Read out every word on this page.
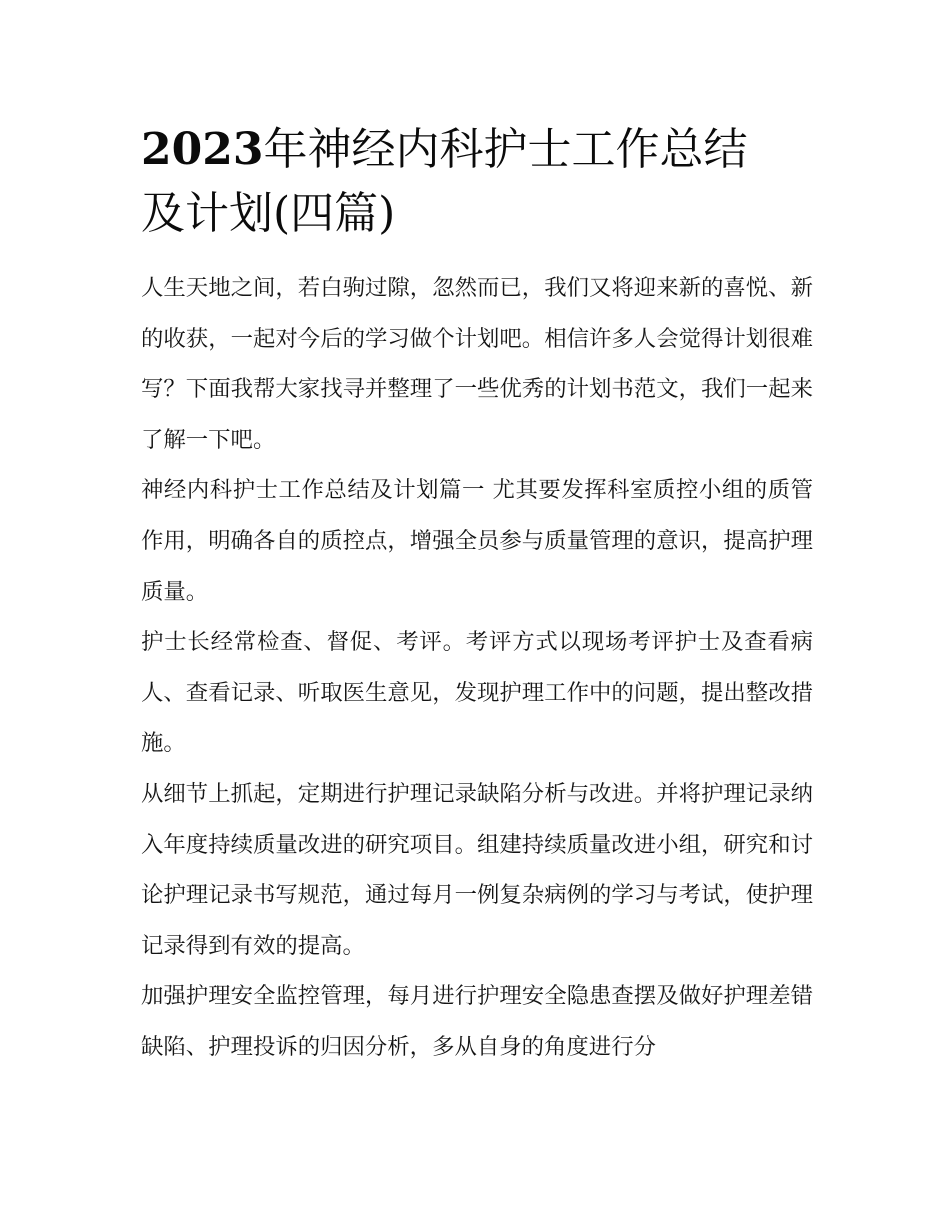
2023年神经内科护士工作总结
及计划(四篇)

人生天地之间，若白驹过隙，忽然而已，我们又将迎来新的喜悦、新的收获，一起对今后的学习做个计划吧。相信许多人会觉得计划很难写？下面我帮大家找寻并整理了一些优秀的计划书范文，我们一起来了解一下吧。

神经内科护士工作总结及计划篇一 尤其要发挥科室质控小组的质管作用，明确各自的质控点，增强全员参与质量管理的意识，提高护理质量。

护士长经常检查、督促、考评。考评方式以现场考评护士及查看病人、查看记录、听取医生意见，发现护理工作中的问题，提出整改措施。

从细节上抓起，定期进行护理记录缺陷分析与改进。并将护理记录纳入年度持续质量改进的研究项目。组建持续质量改进小组，研究和讨论护理记录书写规范，通过每月一例复杂病例的学习与考试，使护理记录得到有效的提高。

加强护理安全监控管理，每月进行护理安全隐患查摆及做好护理差错缺陷、护理投诉的归因分析，多从自身的角度进行分
